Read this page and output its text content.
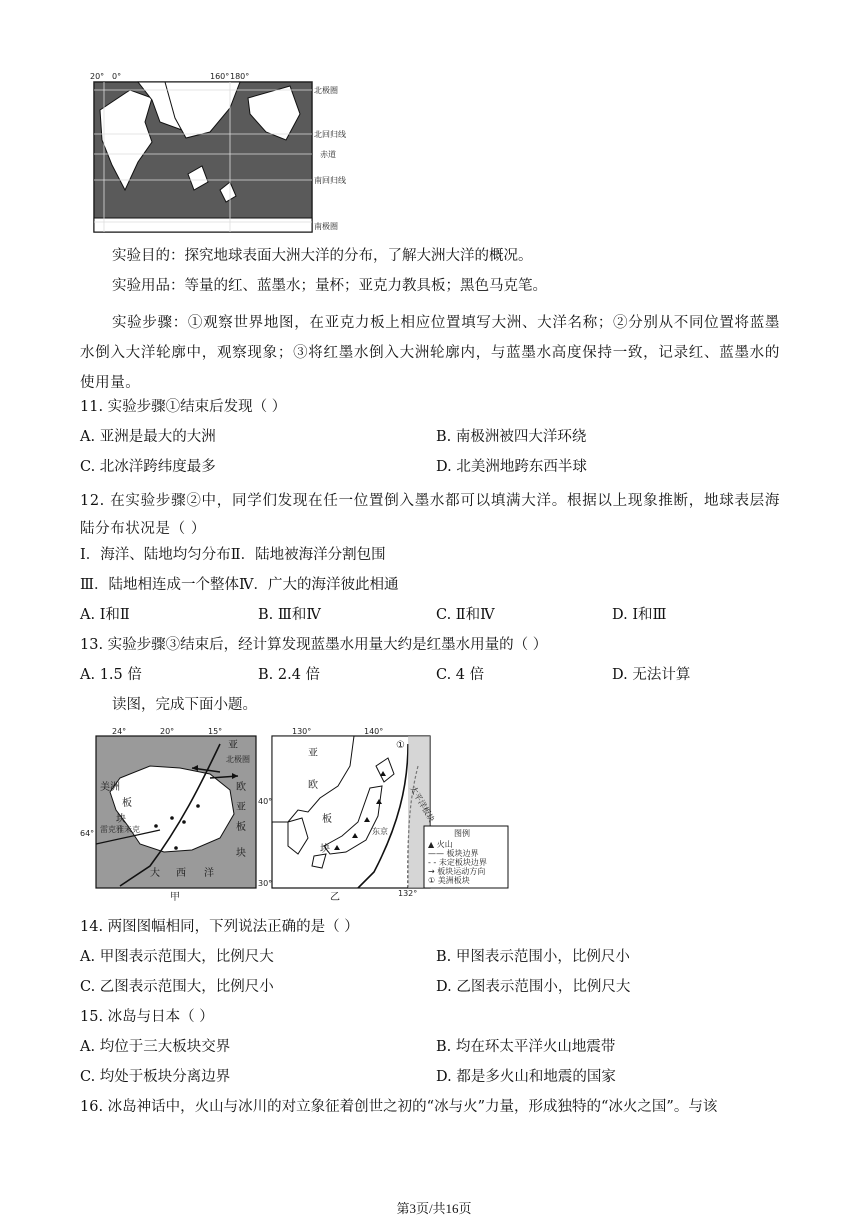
20° 0°	160° 180°
北极圈
北回归线
赤道
南回归线
南极圈
实验目的：探究地球表面大洲大洋的分布，了解大洲大洋的概况。
实验用品：等量的红、蓝墨水；量杯；亚克力教具板；黑色马克笔。
实验步骤：①观察世界地图，在亚克力板上相应位置填写大洲、大洋名称；②分别从不同位置将蓝墨水倒入大洋轮廓中，观察现象；③将红墨水倒入大洲轮廓内，与蓝墨水高度保持一致，记录红、蓝墨水的使用量。
11. 实验步骤①结束后发现（ ）
A. 亚洲是最大的大洲	B. 南极洲被四大洋环绕
C. 北冰洋跨纬度最多	D. 北美洲地跨东西半球
12. 在实验步骤②中，同学们发现在任一位置倒入墨水都可以填满大洋。根据以上现象推断，地球表层海陆分布状况是（ ）
Ⅰ．海洋、陆地均匀分布Ⅱ．陆地被海洋分割包围
Ⅲ．陆地相连成一个整体Ⅳ．广大的海洋彼此相通
A. Ⅰ和Ⅱ	B. Ⅲ和Ⅳ	C. Ⅱ和Ⅳ	D. Ⅰ和Ⅲ
13. 实验步骤③结束后，经计算发现蓝墨水用量大约是红墨水用量的（ ）
A. 1.5 倍	B. 2.4 倍	C. 4 倍	D. 无法计算
读图，完成下面小题。
24°	20°	15°
64°
亚
北极圈
欧
亚
板
块
美洲
板
块
雷克雅未克
大 西 洋
甲
130°	140°
40°
30°
亚
欧
板
块
东京
①
132°
太平洋板块
图例
▲ 火山
—— 板块边界
- - 未定板块边界
→ 板块运动方向
① 美洲板块
乙
14. 两图图幅相同，下列说法正确的是（ ）
A. 甲图表示范围大，比例尺大	B. 甲图表示范围小，比例尺小
C. 乙图表示范围大，比例尺小	D. 乙图表示范围小，比例尺大
15. 冰岛与日本（ ）
A. 均位于三大板块交界	B. 均在环太平洋火山地震带
C. 均处于板块分离边界	D. 都是多火山和地震的国家
16. 冰岛神话中，火山与冰川的对立象征着创世之初的“冰与火”力量，形成独特的“冰火之国”。与该
第3页/共16页
